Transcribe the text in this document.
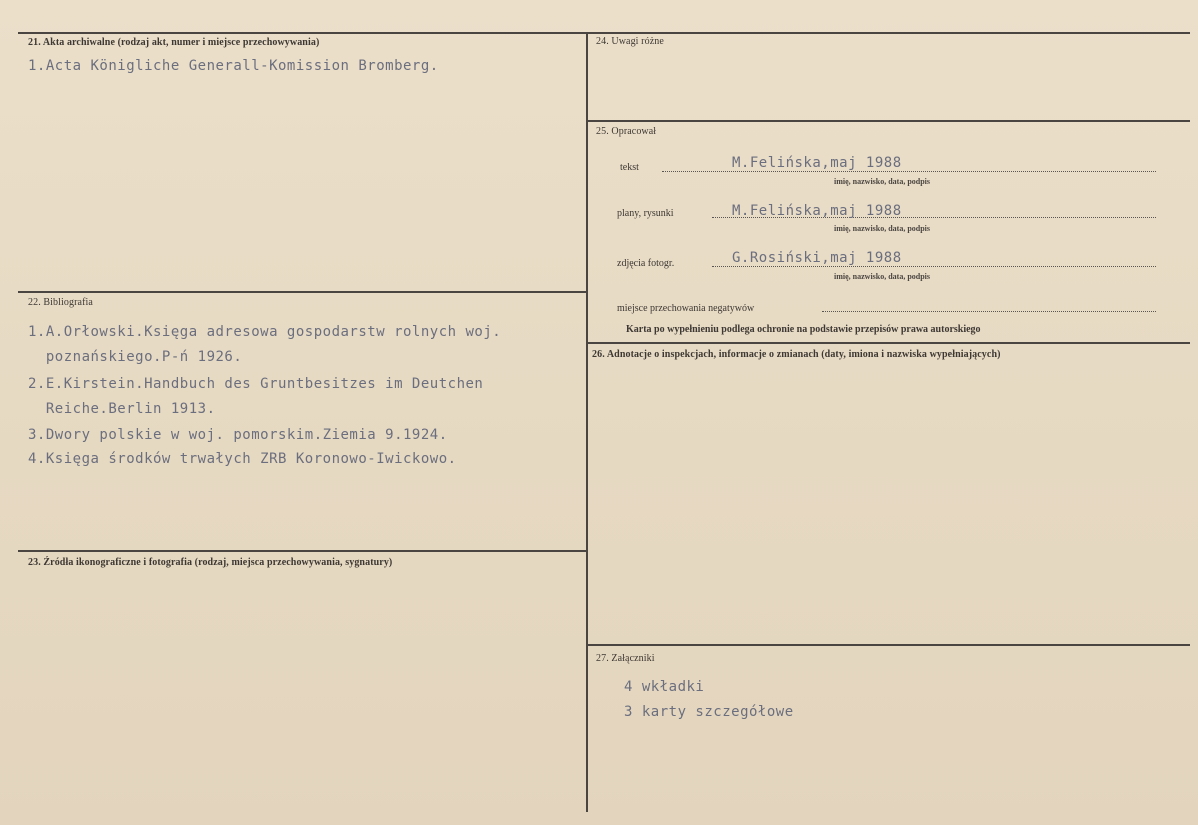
21. Akta archiwalne (rodzaj akt, numer i miejsce przechowywania)
1.Acta Königliche Generall-Komission Bromberg.
22. Bibliografia
1.A.Orłowski.Księga adresowa gospodarstw rolnych woj.
poznańskiego.P-ń 1926.
2.E.Kirstein.Handbuch des Gruntbesitzes im Deutchen
Reiche.Berlin 1913.
3.Dwory polskie w woj. pomorskim.Ziemia 9.1924.
4.Księga środków trwałych ZRB Koronowo-Iwickowo.
23. Źródła ikonograficzne i fotografia (rodzaj, miejsca przechowywania, sygnatury)
24. Uwagi różne
25. Opracował
tekst	M.Felińska,maj 1988
imię, nazwisko, data, podpis
plany, rysunki	M.Felińska,maj 1988
imię, nazwisko, data, podpis
zdjęcia fotogr.	G.Rosiński,maj 1988
imię, nazwisko, data, podpis
miejsce przechowania negatywów
Karta po wypełnieniu podlega ochronie na podstawie przepisów prawa autorskiego
26. Adnotacje o inspekcjach, informacje o zmianach (daty, imiona i nazwiska wypełniających)
27. Załączniki
4 wkładki
3 karty szczegółowe
